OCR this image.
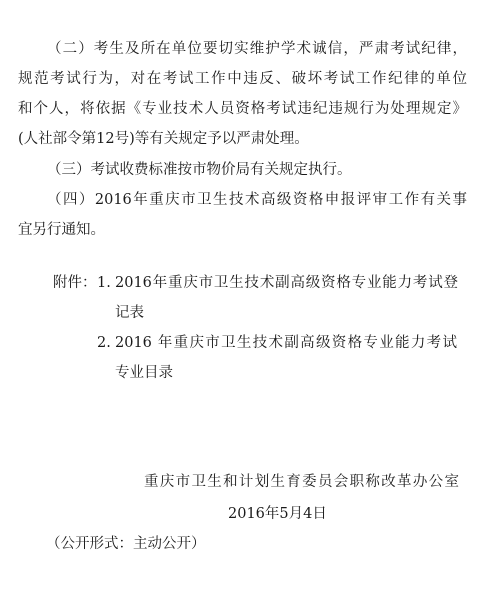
（二）考生及所在单位要切实维护学术诚信，严肃考试纪律，
规范考试行为，对在考试工作中违反、破坏考试工作纪律的单位
和个人，将依据《专业技术人员资格考试违纪违规行为处理规定》
(人社部令第12号)等有关规定予以严肃处理。
（三）考试收费标准按市物价局有关规定执行。
（四）2016年重庆市卫生技术高级资格申报评审工作有关事
宜另行通知。
附件： 1. 2016年重庆市卫生技术副高级资格专业能力考试登
记表
2. 2016 年重庆市卫生技术副高级资格专业能力考试
专业目录
重庆市卫生和计划生育委员会职称改革办公室
2016年5月4日
（公开形式：主动公开）
